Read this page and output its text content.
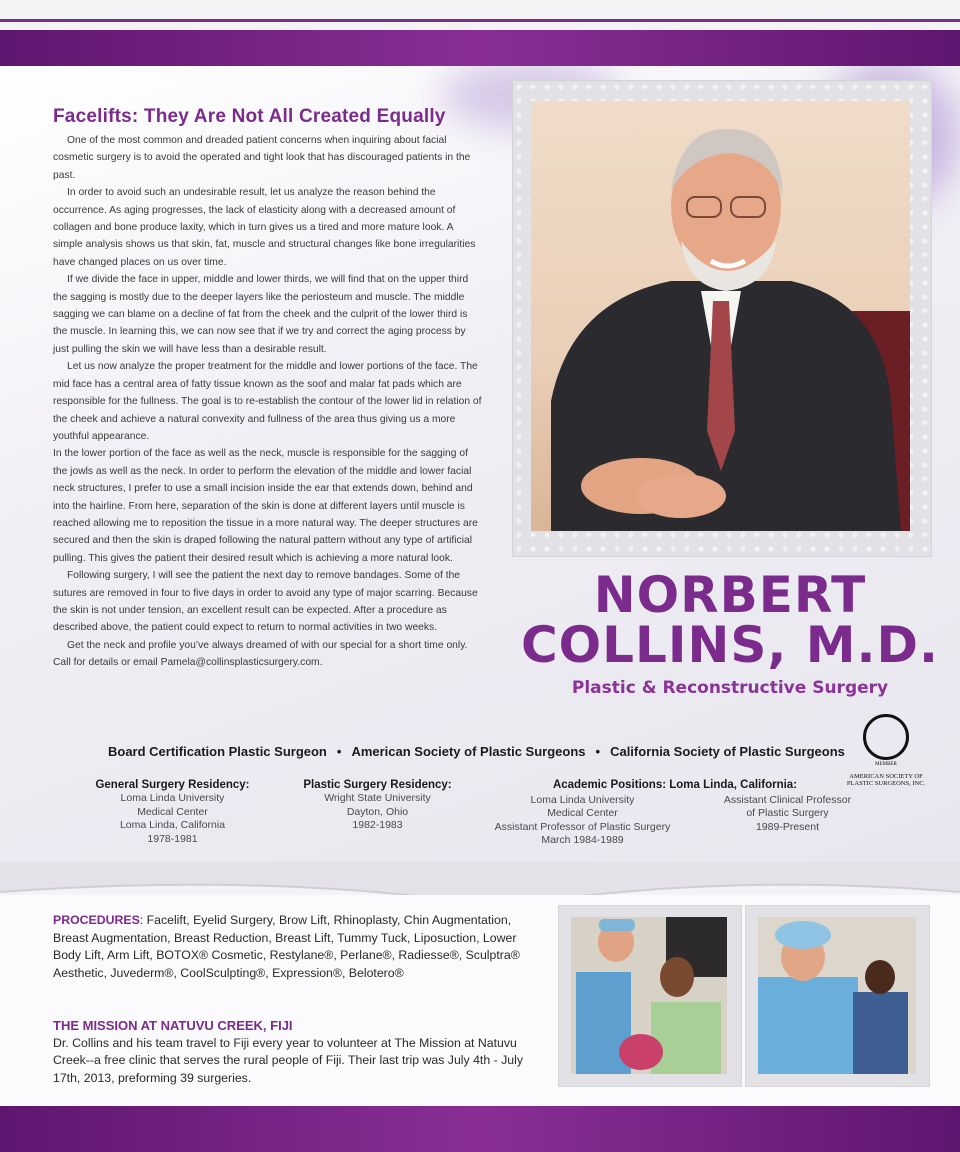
Facelifts: They Are Not All Created Equally

One of the most common and dreaded patient concerns when inquiring about facial cosmetic surgery is to avoid the operated and tight look that has discouraged patients in the past.

In order to avoid such an undesirable result, let us analyze the reason behind the occurrence. As aging progresses, the lack of elasticity along with a decreased amount of collagen and bone produce laxity, which in turn gives us a tired and more mature look. A simple analysis shows us that skin, fat, muscle and structural changes like bone irregularities have changed places on us over time.

If we divide the face in upper, middle and lower thirds, we will find that on the upper third the sagging is mostly due to the deeper layers like the periosteum and muscle. The middle sagging we can blame on a decline of fat from the cheek and the culprit of the lower third is the muscle. In learning this, we can now see that if we try and correct the aging process by just pulling the skin we will have less than a desirable result.

Let us now analyze the proper treatment for the middle and lower portions of the face. The mid face has a central area of fatty tissue known as the soof and malar fat pads which are responsible for the fullness. The goal is to re-establish the contour of the lower lid in relation of the cheek and achieve a natural convexity and fullness of the area thus giving us a more youthful appearance.

In the lower portion of the face as well as the neck, muscle is responsible for the sagging of the jowls as well as the neck. In order to perform the elevation of the middle and lower facial neck structures, I prefer to use a small incision inside the ear that extends down, behind and into the hairline. From here, separation of the skin is done at different layers until muscle is reached allowing me to reposition the tissue in a more natural way. The deeper structures are secured and then the skin is draped following the natural pattern without any type of artificial pulling. This gives the patient their desired result which is achieving a more natural look.

Following surgery, I will see the patient the next day to remove bandages. Some of the sutures are removed in four to five days in order to avoid any type of major scarring. Because the skin is not under tension, an excellent result can be expected. After a procedure as described above, the patient could expect to return to normal activities in two weeks.

Get the neck and profile you’ve always dreamed of with our special for a short time only. Call for details or email Pamela@collinsplasticsurgery.com.

NORBERT
COLLINS, M.D.
Plastic & Reconstructive Surgery
Board Certification Plastic Surgeon • American Society of Plastic Surgeons • California Society of Plastic Surgeons
MEMBER
AMERICAN SOCIETY OF PLASTIC SURGEONS, INC.
General Surgery Residency:
Loma Linda University
Medical Center
Loma Linda, California
1978-1981
Plastic Surgery Residency:
Wright State University
Dayton, Ohio
1982-1983
Academic Positions: Loma Linda, California:
Loma Linda University
Medical Center
Assistant Professor of Plastic Surgery
March 1984-1989
Assistant Clinical Professor
of Plastic Surgery
1989-Present
PROCEDURES: Facelift, Eyelid Surgery, Brow Lift, Rhinoplasty, Chin Augmentation, Breast Augmentation, Breast Reduction, Breast Lift, Tummy Tuck, Liposuction, Lower Body Lift, Arm Lift, BOTOX® Cosmetic, Restylane®, Perlane®, Radiesse®, Sculptra® Aesthetic, Juvederm®, CoolSculpting®, Expression®, Belotero®
THE MISSION AT NATUVU CREEK, FIJI
Dr. Collins and his team travel to Fiji every year to volunteer at The Mission at Natuvu Creek--a free clinic that serves the rural people of Fiji. Their last trip was July 4th - July 17th, 2013, preforming 39 surgeries.
